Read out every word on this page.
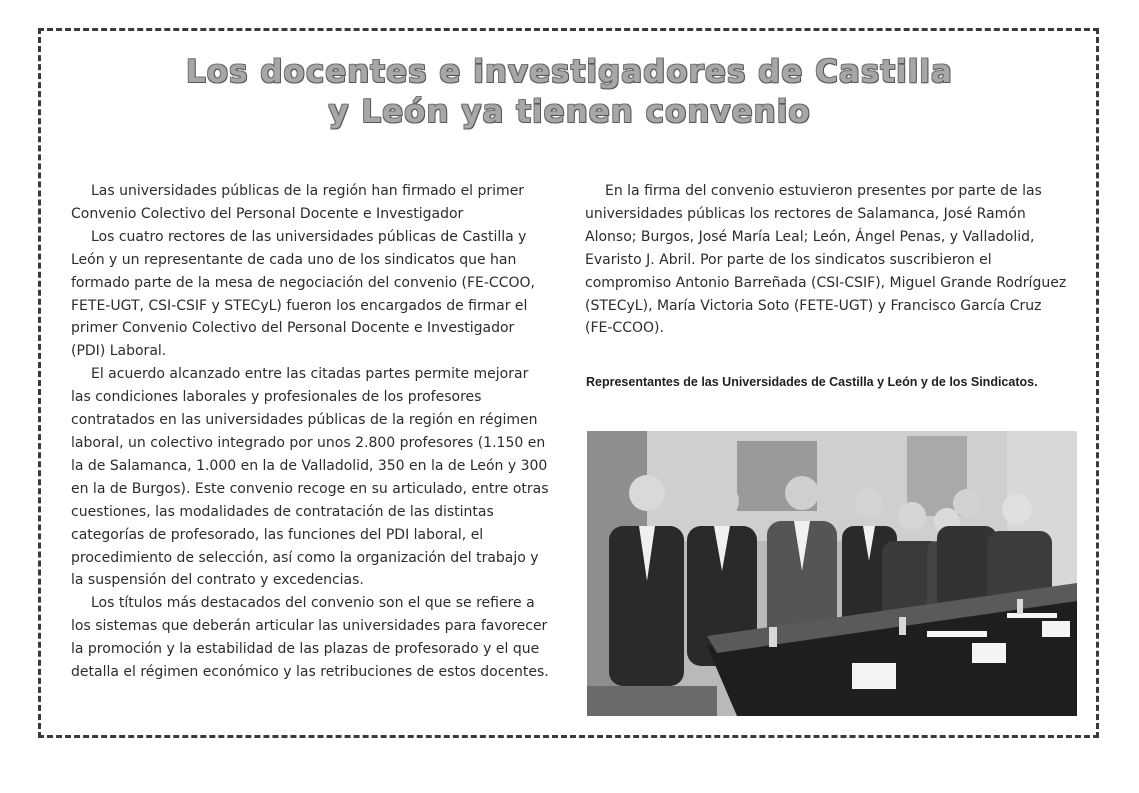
Los docentes e investigadores de Castilla
y León ya tienen convenio

Las universidades públicas de la región han firmado el primer Convenio Colectivo del Personal Docente e Investigador

Los cuatro rectores de las universidades públicas de Castilla y León y un representante de cada uno de los sindicatos que han formado parte de la mesa de negociación del convenio (FE-CCOO, FETE-UGT, CSI-CSIF y STECyL) fueron los encargados de firmar el primer Convenio Colectivo del Personal Docente e Investigador (PDI) Laboral.

El acuerdo alcanzado entre las citadas partes permite mejorar las condiciones laborales y profesionales de los profesores contratados en las universidades públicas de la región en régimen laboral, un colectivo integrado por unos 2.800 profesores (1.150 en la de Salamanca, 1.000 en la de Valladolid, 350 en la de León y 300 en la de Burgos). Este convenio recoge en su articulado, entre otras cuestiones, las modalidades de contratación de las distintas categorías de profesorado, las funciones del PDI laboral, el procedimiento de selección, así como la organización del trabajo y la suspensión del contrato y excedencias.

Los títulos más destacados del convenio son el que se refiere a los sistemas que deberán articular las universidades para favorecer la promoción y la estabilidad de las plazas de profesorado y el que detalla el régimen económico y las retribuciones de estos docentes.

En la firma del convenio estuvieron presentes por parte de las universidades públicas los rectores de Salamanca, José Ramón Alonso; Burgos, José María Leal; León, Ángel Penas, y Valladolid, Evaristo J. Abril. Por parte de los sindicatos suscribieron el compromiso Antonio Barreñada (CSI-CSIF), Miguel Grande Rodríguez (STECyL), María Victoria Soto (FETE-UGT) y Francisco García Cruz (FE-CCOO).

Representantes de las Universidades de Castilla y León y de los Sindicatos.
